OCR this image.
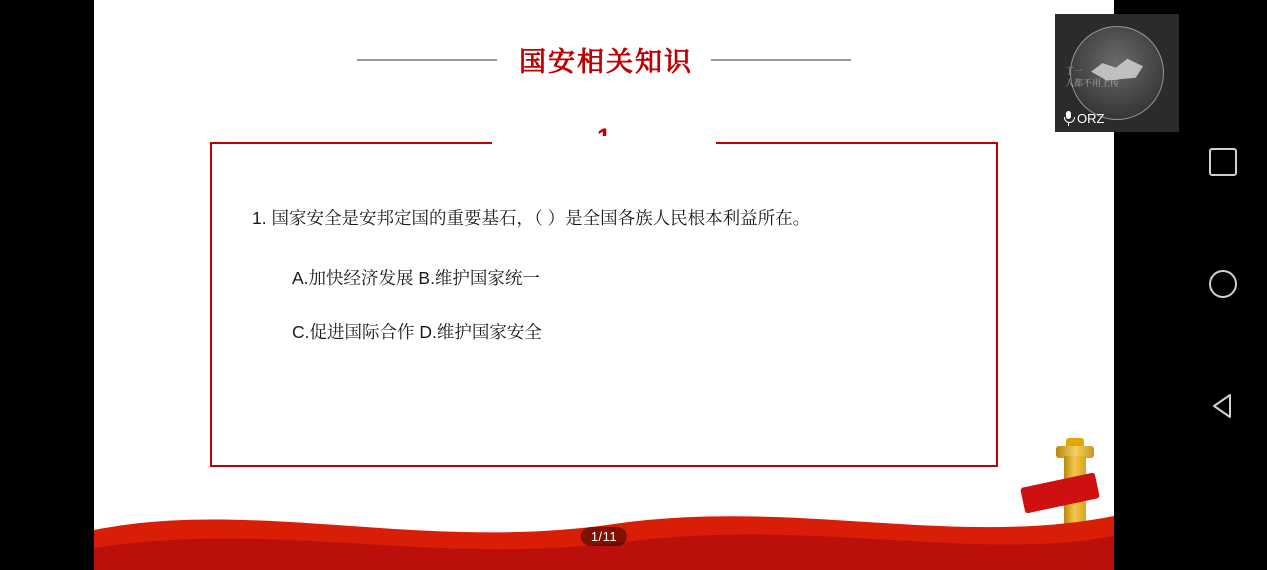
国安相关知识

1. 国家安全是安邦定国的重要基石，（ ）是全国各族人民根本利益所在。

A.加快经济发展 B.维护国家统一

C.促进国际合作 D.维护国家安全

1/11
丁一
人都不用上传
ORZ
